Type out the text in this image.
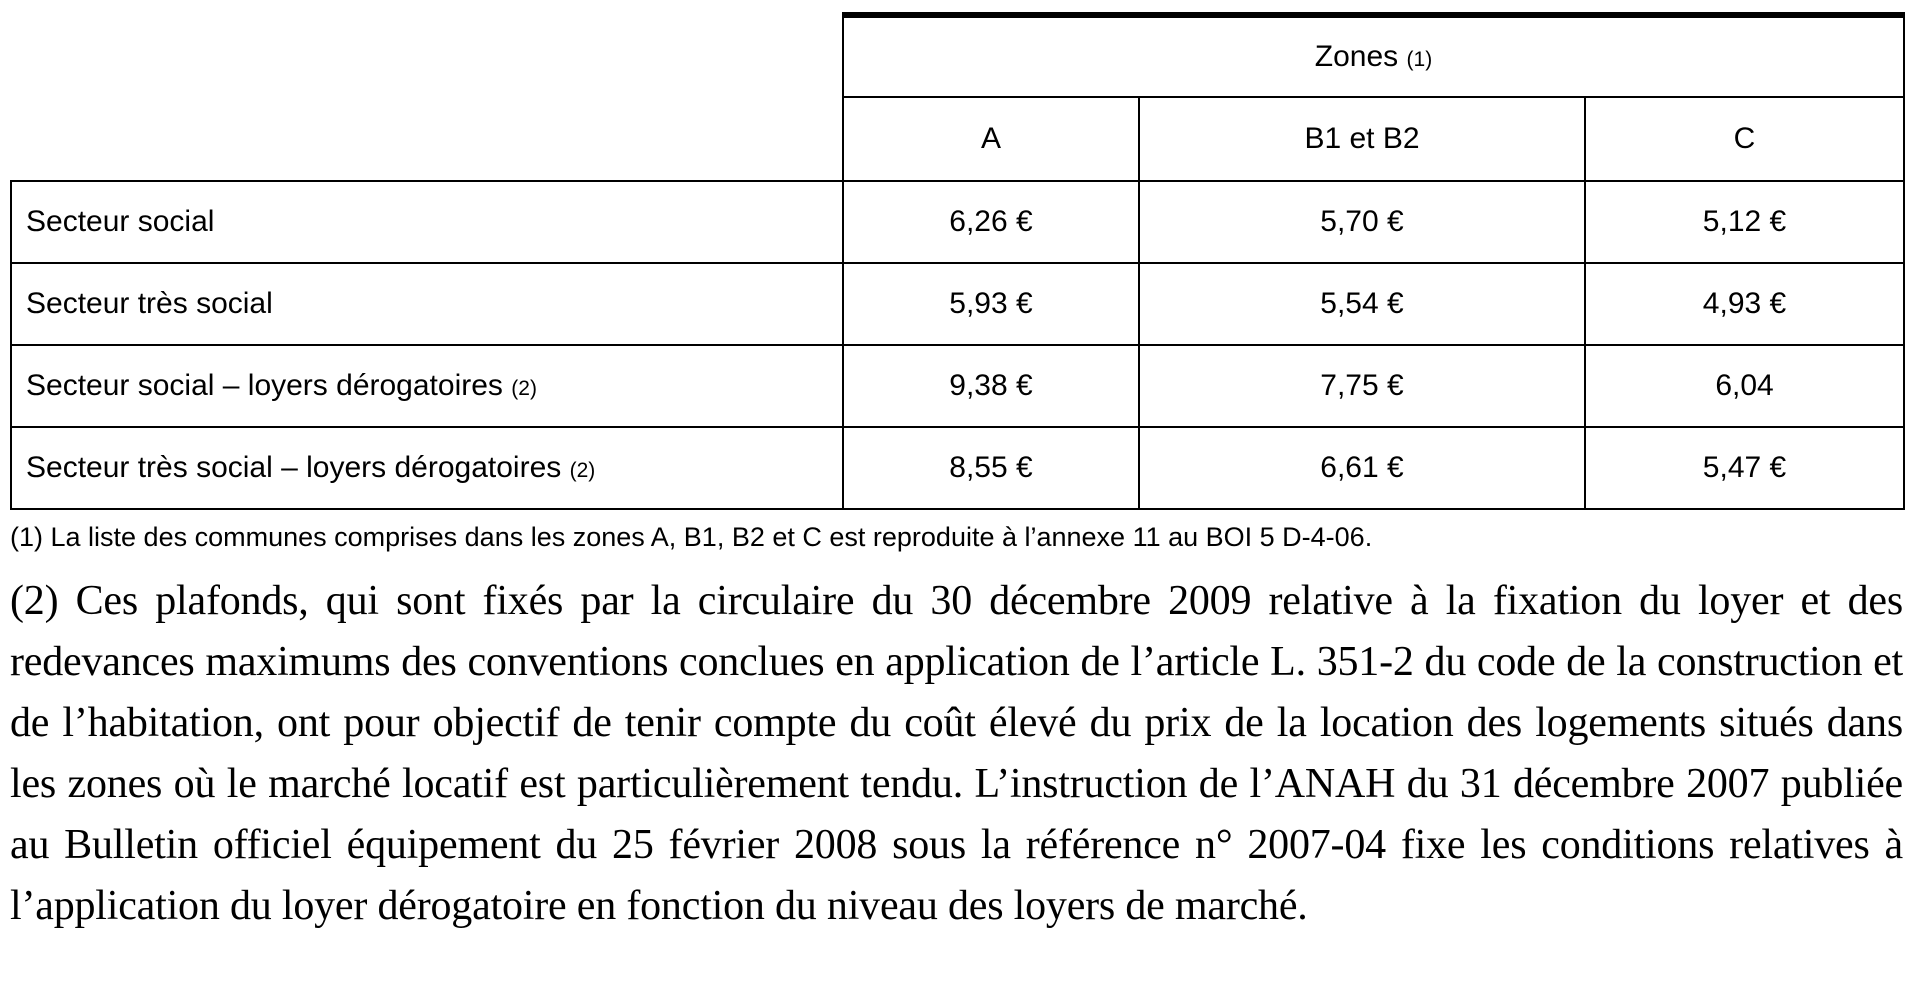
	Zones (1)		
	A	B1 et B2	C
Secteur social	6,26 €	5,70 €	5,12 €
Secteur très social	5,93 €	5,54 €	4,93 €
Secteur social – loyers dérogatoires (2)	9,38 €	7,75 €	6,04
Secteur très social – loyers dérogatoires (2)	8,55 €	6,61 €	5,47 €
(1) La liste des communes comprises dans les zones A, B1, B2 et C est reproduite à l’annexe 11 au BOI 5 D-4-06.
(2) Ces plafonds, qui sont fixés par la circulaire du 30 décembre 2009 relative à la fixation du loyer et des redevances maximums des conventions conclues en application de l’article L. 351-2 du code de la construction et de l’habitation, ont pour objectif de tenir compte du coût élevé du prix de la location des logements situés dans les zones où le marché locatif est particulièrement tendu. L’instruction de l’ANAH du 31 décembre 2007 publiée au Bulletin officiel équipement du 25 février 2008 sous la référence n° 2007-04 fixe les conditions relatives à l’application du loyer dérogatoire en fonction du niveau des loyers de marché.
